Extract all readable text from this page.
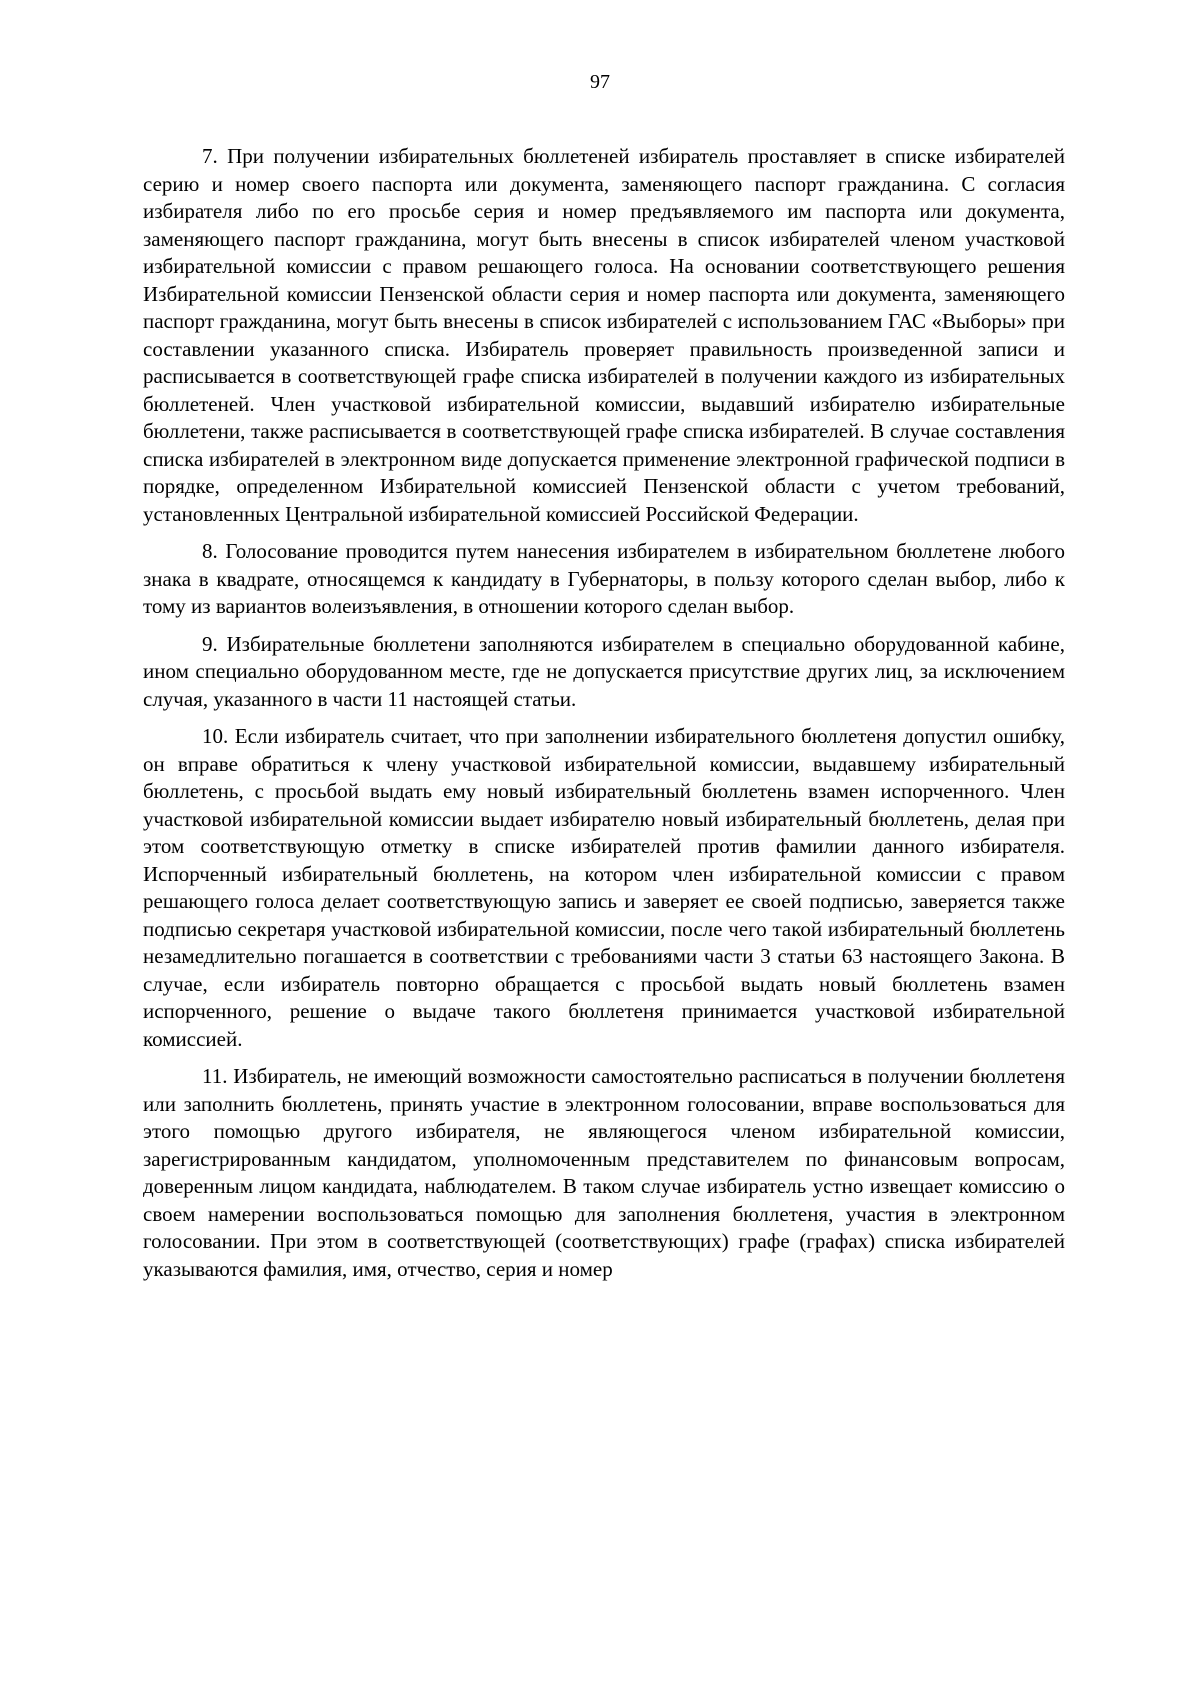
97

7. При получении избирательных бюллетеней избиратель проставляет в списке избирателей серию и номер своего паспорта или документа, заменяющего паспорт гражданина. С согласия избирателя либо по его просьбе серия и номер предъявляемого им паспорта или документа, заменяющего паспорт гражданина, могут быть внесены в список избирателей членом участковой избирательной комиссии с правом решающего голоса. На основании соответствующего решения Избирательной комиссии Пензенской области серия и номер паспорта или документа, заменяющего паспорт гражданина, могут быть внесены в список избирателей с использованием ГАС «Выборы» при составлении указанного списка. Избиратель проверяет правильность произведенной записи и расписывается в соответствующей графе списка избирателей в получении каждого из избирательных бюллетеней. Член участковой избирательной комиссии, выдавший избирателю избирательные бюллетени, также расписывается в соответствующей графе списка избирателей. В случае составления списка избирателей в электронном виде допускается применение электронной графической подписи в порядке, определенном Избирательной комиссией Пензенской области с учетом требований, установленных Центральной избирательной комиссией Российской Федерации.

8. Голосование проводится путем нанесения избирателем в избирательном бюллетене любого знака в квадрате, относящемся к кандидату в Губернаторы, в пользу которого сделан выбор, либо к тому из вариантов волеизъявления, в отношении которого сделан выбор.

9. Избирательные бюллетени заполняются избирателем в специально оборудованной кабине, ином специально оборудованном месте, где не допускается присутствие других лиц, за исключением случая, указанного в части 11 настоящей статьи.

10. Если избиратель считает, что при заполнении избирательного бюллетеня допустил ошибку, он вправе обратиться к члену участковой избирательной комиссии, выдавшему избирательный бюллетень, с просьбой выдать ему новый избирательный бюллетень взамен испорченного. Член участковой избирательной комиссии выдает избирателю новый избирательный бюллетень, делая при этом соответствующую отметку в списке избирателей против фамилии данного избирателя. Испорченный избирательный бюллетень, на котором член избирательной комиссии с правом решающего голоса делает соответствующую запись и заверяет ее своей подписью, заверяется также подписью секретаря участковой избирательной комиссии, после чего такой избирательный бюллетень незамедлительно погашается в соответствии с требованиями части 3 статьи 63 настоящего Закона. В случае, если избиратель повторно обращается с просьбой выдать новый бюллетень взамен испорченного, решение о выдаче такого бюллетеня принимается участковой избирательной комиссией.

11. Избиратель, не имеющий возможности самостоятельно расписаться в получении бюллетеня или заполнить бюллетень, принять участие в электронном голосовании, вправе воспользоваться для этого помощью другого избирателя, не являющегося членом избирательной комиссии, зарегистрированным кандидатом, уполномоченным представителем по финансовым вопросам, доверенным лицом кандидата, наблюдателем. В таком случае избиратель устно извещает комиссию о своем намерении воспользоваться помощью для заполнения бюллетеня, участия в электронном голосовании. При этом в соответствующей (соответствующих) графе (графах) списка избирателей указываются фамилия, имя, отчество, серия и номер
